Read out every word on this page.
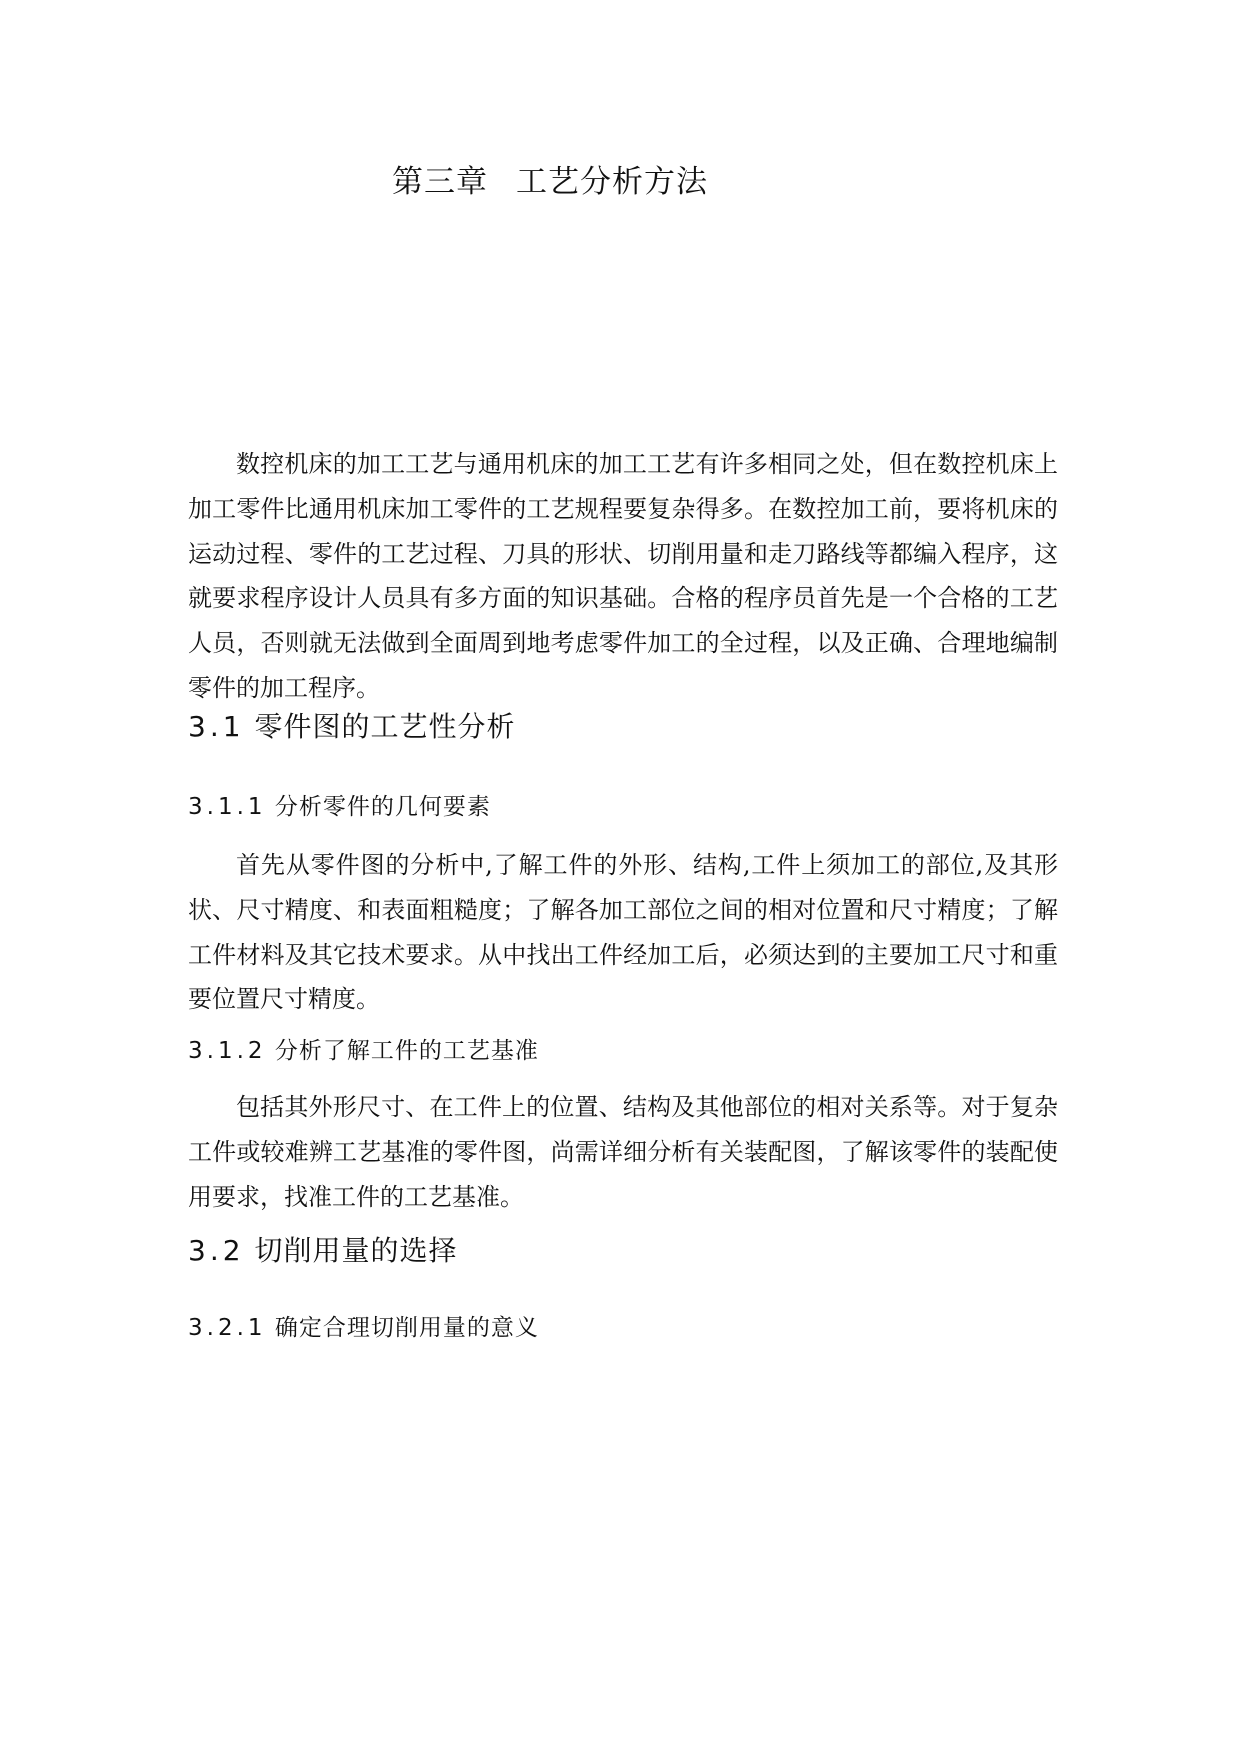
第三章 工艺分析方法

数控机床的加工工艺与通用机床的加工工艺有许多相同之处，但在数控机床上加工零件比通用机床加工零件的工艺规程要复杂得多。在数控加工前，要将机床的运动过程、零件的工艺过程、刀具的形状、切削用量和走刀路线等都编入程序，这就要求程序设计人员具有多方面的知识基础。合格的程序员首先是一个合格的工艺人员，否则就无法做到全面周到地考虑零件加工的全过程，以及正确、合理地编制零件的加工程序。

3.1 零件图的工艺性分析
3.1.1 分析零件的几何要素

首先从零件图的分析中,了解工件的外形、结构,工件上须加工的部位,及其形状、尺寸精度、和表面粗糙度；了解各加工部位之间的相对位置和尺寸精度；了解工件材料及其它技术要求。从中找出工件经加工后，必须达到的主要加工尺寸和重要位置尺寸精度。

3.1.2 分析了解工件的工艺基准

包括其外形尺寸、在工件上的位置、结构及其他部位的相对关系等。对于复杂工件或较难辨工艺基准的零件图，尚需详细分析有关装配图，了解该零件的装配使用要求，找准工件的工艺基准。

3.2 切削用量的选择
3.2.1 确定合理切削用量的意义
